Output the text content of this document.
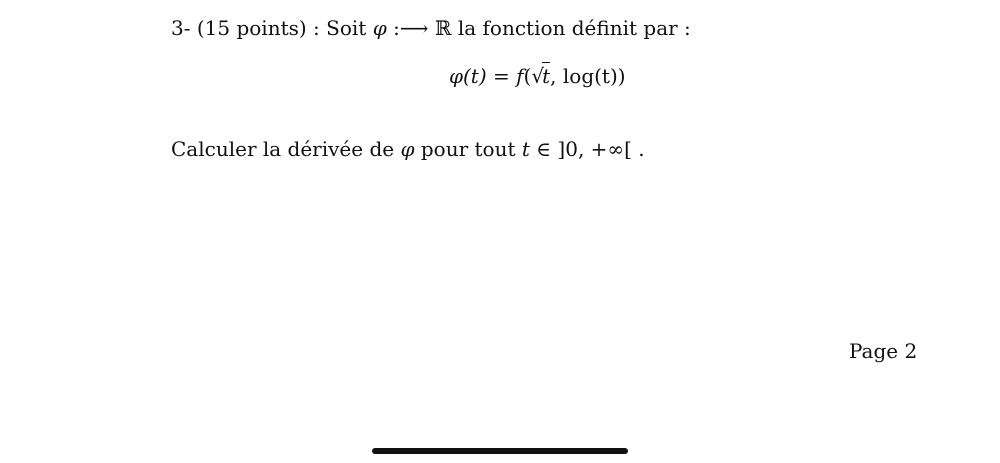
3- (15 points) : Soit φ :⟶ ℝ la fonction définit par :
φ(t) = f(√t, log(t))
Calculer la dérivée de φ pour tout t ∈ ]0, +∞[ .
Page 2
